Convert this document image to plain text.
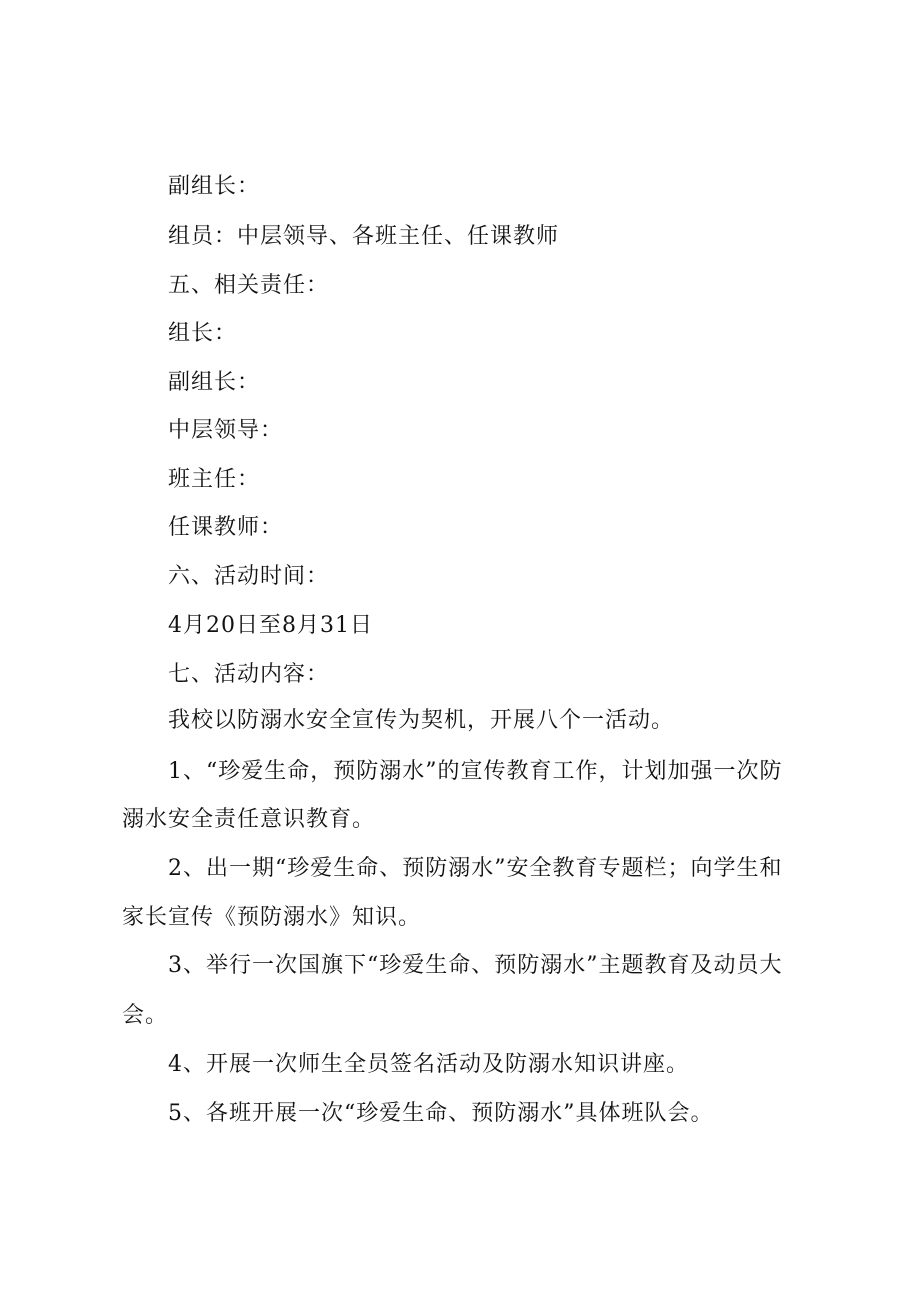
副组长：
组员：中层领导、各班主任、任课教师
五、相关责任：
组长：
副组长：
中层领导：
班主任：
任课教师：
六、活动时间：
4月20日至8月31日
七、活动内容：
我校以防溺水安全宣传为契机，开展八个一活动。
1、“珍爱生命，预防溺水”的宣传教育工作，计划加强一次防
溺水安全责任意识教育。
2、出一期“珍爱生命、预防溺水”安全教育专题栏；向学生和
家长宣传《预防溺水》知识。
3、举行一次国旗下“珍爱生命、预防溺水”主题教育及动员大
会。
4、开展一次师生全员签名活动及防溺水知识讲座。
5、各班开展一次“珍爱生命、预防溺水”具体班队会。
